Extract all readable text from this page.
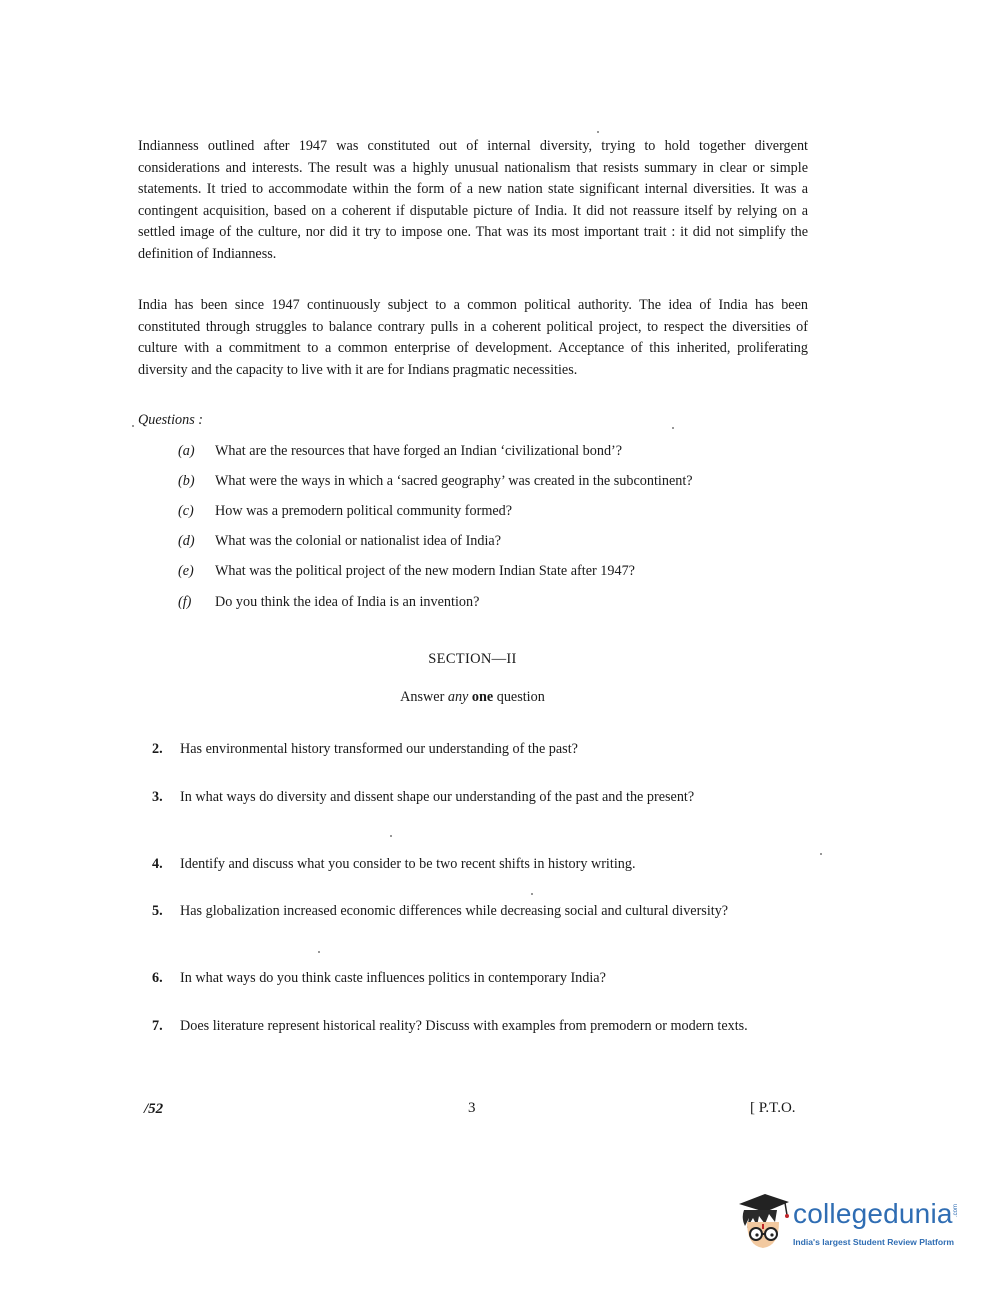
Indianness outlined after 1947 was constituted out of internal diversity, trying to hold together divergent considerations and interests. The result was a highly unusual nationalism that resists summary in clear or simple statements. It tried to accommodate within the form of a new nation state significant internal diversities. It was a contingent acquisition, based on a coherent if disputable picture of India. It did not reassure itself by relying on a settled image of the culture, nor did it try to impose one. That was its most important trait : it did not simplify the definition of Indianness.

India has been since 1947 continuously subject to a common political authority. The idea of India has been constituted through struggles to balance contrary pulls in a coherent political project, to respect the diversities of culture with a commitment to a common enterprise of development. Acceptance of this inherited, proliferating diversity and the capacity to live with it are for Indians pragmatic necessities.

Questions :
(a)	What are the resources that have forged an Indian ‘civilizational bond’?
(b)	What were the ways in which a ‘sacred geography’ was created in the subcontinent?
(c)	How was a premodern political community formed?
(d)	What was the colonial or nationalist idea of India?
(e)	What was the political project of the new modern Indian State after 1947?
(f)	Do you think the idea of India is an invention?
SECTION—II
Answer any one question
2.	Has environmental history transformed our understanding of the past?
3.	In what ways do diversity and dissent shape our understanding of the past and the present?
4.	Identify and discuss what you consider to be two recent shifts in history writing.
5.	Has globalization increased economic differences while decreasing social and cultural diversity?
6.	In what ways do you think caste influences politics in contemporary India?
7.	Does literature represent historical reality? Discuss with examples from premodern or modern texts.
/52	3	[ P.T.O.
collegedunia .com
India's largest Student Review Platform
